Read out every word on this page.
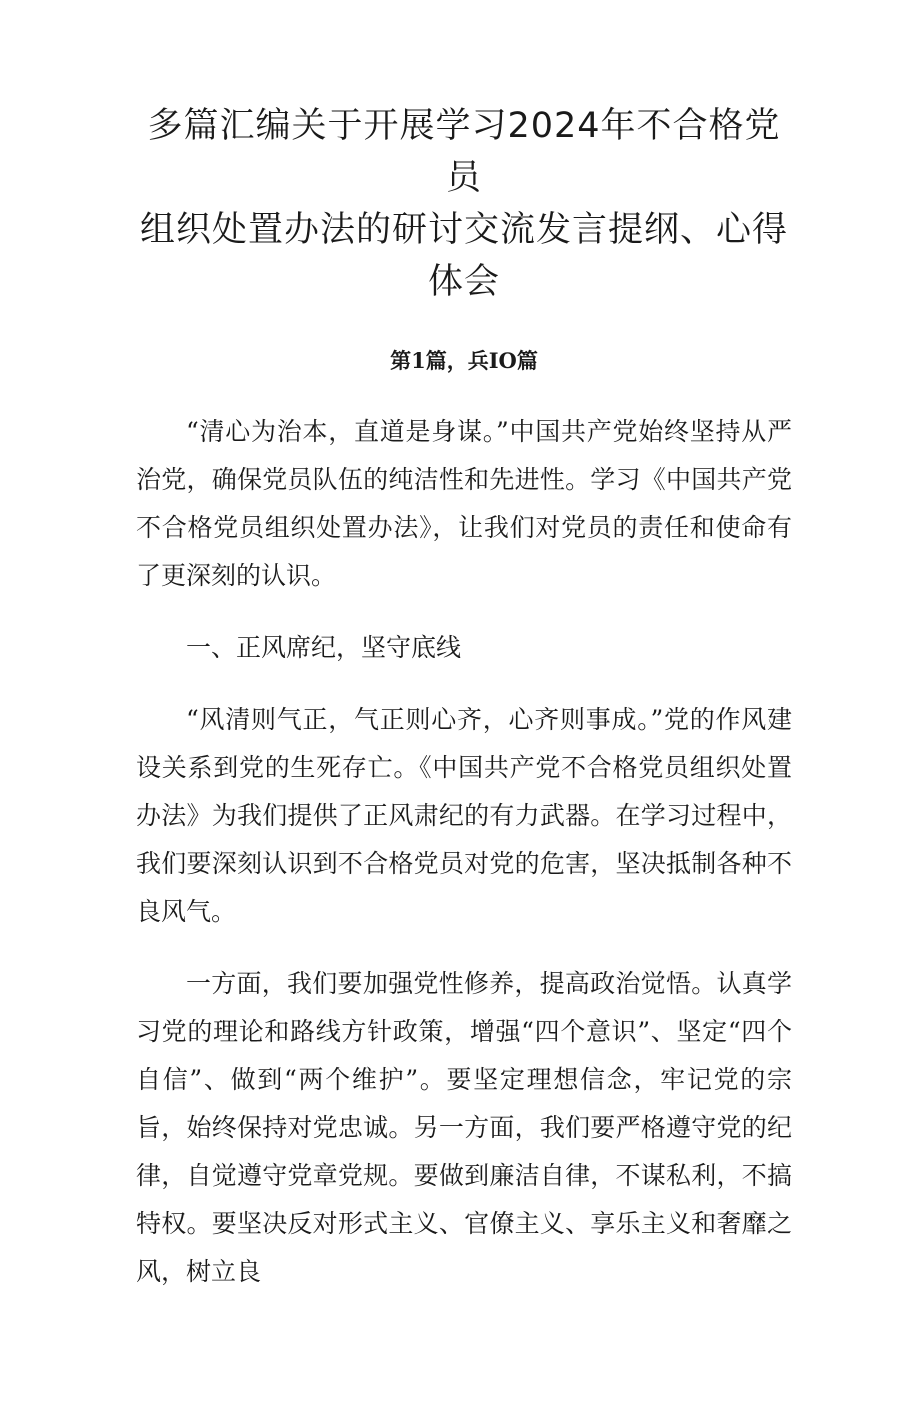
多篇汇编关于开展学习2024年不合格党员
组织处置办法的研讨交流发言提纲、心得
体会
第1篇，兵IO篇

“清心为治本，直道是身谋。”中国共产党始终坚持从严治党，确保党员队伍的纯洁性和先进性。学习《中国共产党不合格党员组织处置办法》，让我们对党员的责任和使命有了更深刻的认识。

一、正风席纪，坚守底线

“风清则气正，气正则心齐，心齐则事成。”党的作风建设关系到党的生死存亡。《中国共产党不合格党员组织处置办法》为我们提供了正风肃纪的有力武器。在学习过程中，我们要深刻认识到不合格党员对党的危害，坚决抵制各种不良风气。

一方面，我们要加强党性修养，提高政治觉悟。认真学习党的理论和路线方针政策，增强“四个意识”、坚定“四个自信”、做到“两个维护”。要坚定理想信念，牢记党的宗旨，始终保持对党忠诚。另一方面，我们要严格遵守党的纪律，自觉遵守党章党规。要做到廉洁自律，不谋私利，不搞特权。要坚决反对形式主义、官僚主义、享乐主义和奢靡之风，树立良
